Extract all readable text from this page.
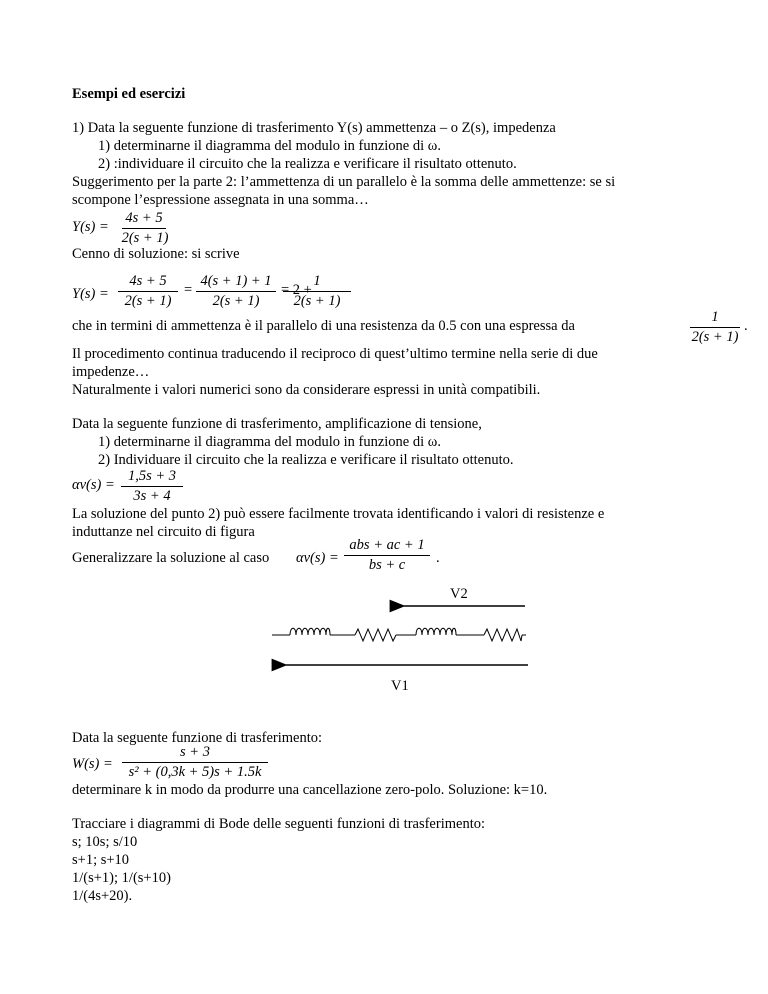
Esempi ed esercizi
1) Data la seguente funzione di trasferimento Y(s) ammettenza – o Z(s), impedenza
1) determinarne il diagramma del modulo in funzione di ω.
2) :individuare il circuito che la realizza e verificare il risultato ottenuto.
Suggerimento per la parte 2: l’ammettenza di un parallelo è la somma delle ammettenze: se si
scompone l’espressione assegnata in una somma…
Y(s) =
4s + 5
2(s + 1)
Cenno di soluzione: si scrive
Y(s) =
4s + 5
2(s + 1)
=
4(s + 1) + 1
2(s + 1)
= 2 +
1
2(s + 1)
che in termini di ammettenza è il parallelo di una resistenza da 0.5 con una espressa da
1
2(s + 1)
.
Il procedimento continua traducendo il reciproco di quest’ultimo termine nella serie di due
impedenze…
Naturalmente i valori numerici sono da considerare espressi in unità compatibili.
Data la seguente funzione di trasferimento, amplificazione di tensione,
1) determinarne il diagramma del modulo in funzione di ω.
2) Individuare il circuito che la realizza e verificare il risultato ottenuto.
αv(s) =
1,5s + 3
3s + 4
La soluzione del punto 2) può essere facilmente trovata identificando i valori di resistenze e
induttanze nel circuito di figura
Generalizzare la soluzione al caso αv(s) =
abs + ac + 1
bs + c	.
V2
V1
Data la seguente funzione di trasferimento:
W(s) =
s + 3
s² + (0,3k + 5)s + 1.5k
determinare k in modo da produrre una cancellazione zero-polo. Soluzione: k=10.
Tracciare i diagrammi di Bode delle seguenti funzioni di trasferimento:
s; 10s; s/10
s+1; s+10
1/(s+1); 1/(s+10)
1/(4s+20).
